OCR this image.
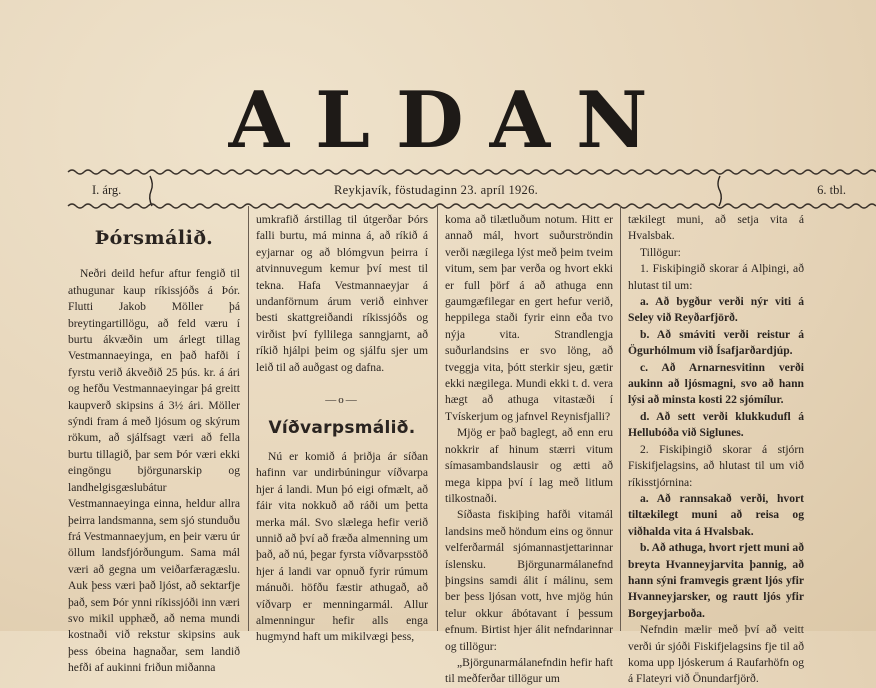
ALDAN
I. árg.	Reykjavík, föstudaginn 23. apríl 1926.	6. tbl.
Þórsmálið.

Neðri deild hefur aftur fengið til athugunar kaup ríkissjóðs á Þór. Flutti Jakob Möller þá breytingartillögu, að feld væru í burtu ákvæðin um árlegt tillag Vestmannaeyinga, en það hafði í fyrstu verið ákveðið 25 þús. kr. á ári og hefðu Vestmannaeyingar þá greitt kaupverð skipsins á 3½ ári. Möller sýndi fram á með ljósum og skýrum rökum, að sjálfsagt væri að fella burtu tillagið, þar sem Þór væri ekki eingöngu björgunarskip og landhelgisgæslubátur Vestmannaeyinga einna, heldur allra þeirra landsmanna, sem sjó stunduðu frá Vestmannaeyjum, en þeir væru úr öllum landsfjórðungum. Sama mál væri að gegna um veiðarfæragæslu. Auk þess væri það ljóst, að sektarfje það, sem Þór ynni ríkissjóði inn væri svo mikil upphæð, að nema mundi kostnaði við rekstur skipsins auk þess óbeina hagnaðar, sem landið hefði af aukinni friðun miðanna

umkrafið árstillag til útgerðar Þórs falli burtu, má minna á, að ríkið á eyjarnar og að blómgvun þeirra í atvinnuvegum kemur því mest til tekna. Hafa Vestmannaeyjar á undanförnum árum verið einhver besti skattgreiðandi ríkissjóðs og virðist því fyllilega sanngjarnt, að ríkið hjálpi þeim og sjálfu sjer um leið til að auðgast og dafna.

—o—
Víðvarpsmálið.

Nú er komið á þriðja ár síðan hafinn var undirbúningur víðvarpa hjer á landi. Mun þó eigi ofmælt, að fáir vita nokkuð að ráði um þetta merka mál. Svo slælega hefir verið unnið að því að fræða almenning um það, að nú, þegar fyrsta víðvarpsstöð hjer á landi var opnuð fyrir rúmum mánuði. höfðu fæstir athugað, að víðvarp er menningarmál. Allur almenningur hefir alls enga hugmynd haft um mikilvægi þess,

koma að tilætluðum notum. Hitt er annað mál, hvort suðurströndin verði nægilega lýst með þeim tveim vitum, sem þar verða og hvort ekki er full þörf á að athuga enn gaumgæfilegar en gert hefur verið, heppilega staði fyrir einn eða tvo nýja vita. Strandlengja suðurlandsins er svo löng, að tveggja vita, þótt sterkir sjeu, gætir ekki nægilega. Mundi ekki t. d. vera hægt að athuga vitastæði í Tvískerjum og jafnvel Reynisfjalli?

Mjög er það baglegt, að enn eru nokkrir af hinum stærri vitum símasambandslausir og ætti að mega kippa því í lag með litlum tilkostnaði.

Síðasta fiskiþing hafði vitamál landsins með höndum eins og önnur velferðarmál sjómannastjettarinnar íslensku. Björgunarmálanefnd þingsins samdi álit í málinu, sem ber þess ljósan vott, hve mjög hún telur okkur ábótavant í þessum efnum. Birtist hjer álit nefndarinnar og tillögur:

„Björgunarmálanefndin hefir haft til meðferðar tillögur um

tækilegt muni, að setja vita á Hvalsbak.

Tillögur:

1. Fiskiþingið skorar á Alþingi, að hlutast til um:

a. Að bygður verði nýr viti á Seley við Reyðarfjörð.

b. Að smáviti verði reistur á Ögurhólmum við Ísafjarðardjúp.

c. Að Arnarnesvitinn verði aukinn að ljósmagni, svo að hann lýsi að minsta kosti 22 sjómílur.

d. Að sett verði klukkudufl á Hellubóða við Siglunes.

2. Fiskiþingið skorar á stjórn Fiskifjelagsins, að hlutast til um við ríkisstjórnina:

a. Að rannsakað verði, hvort tiltækilegt muni að reisa og viðhalda vita á Hvalsbak.

b. Að athuga, hvort rjett muni að breyta Hvanneyjarvita þannig, að hann sýni framvegis grænt ljós yfir Hvanneyjarsker, og rautt ljós yfir Borgeyjarboða.

Nefndin mælir með því að veitt verði úr sjóði Fiskifjelagsins fje til að koma upp ljóskerum á Raufarhöfn og á Flateyri við Önundarfjörð.
